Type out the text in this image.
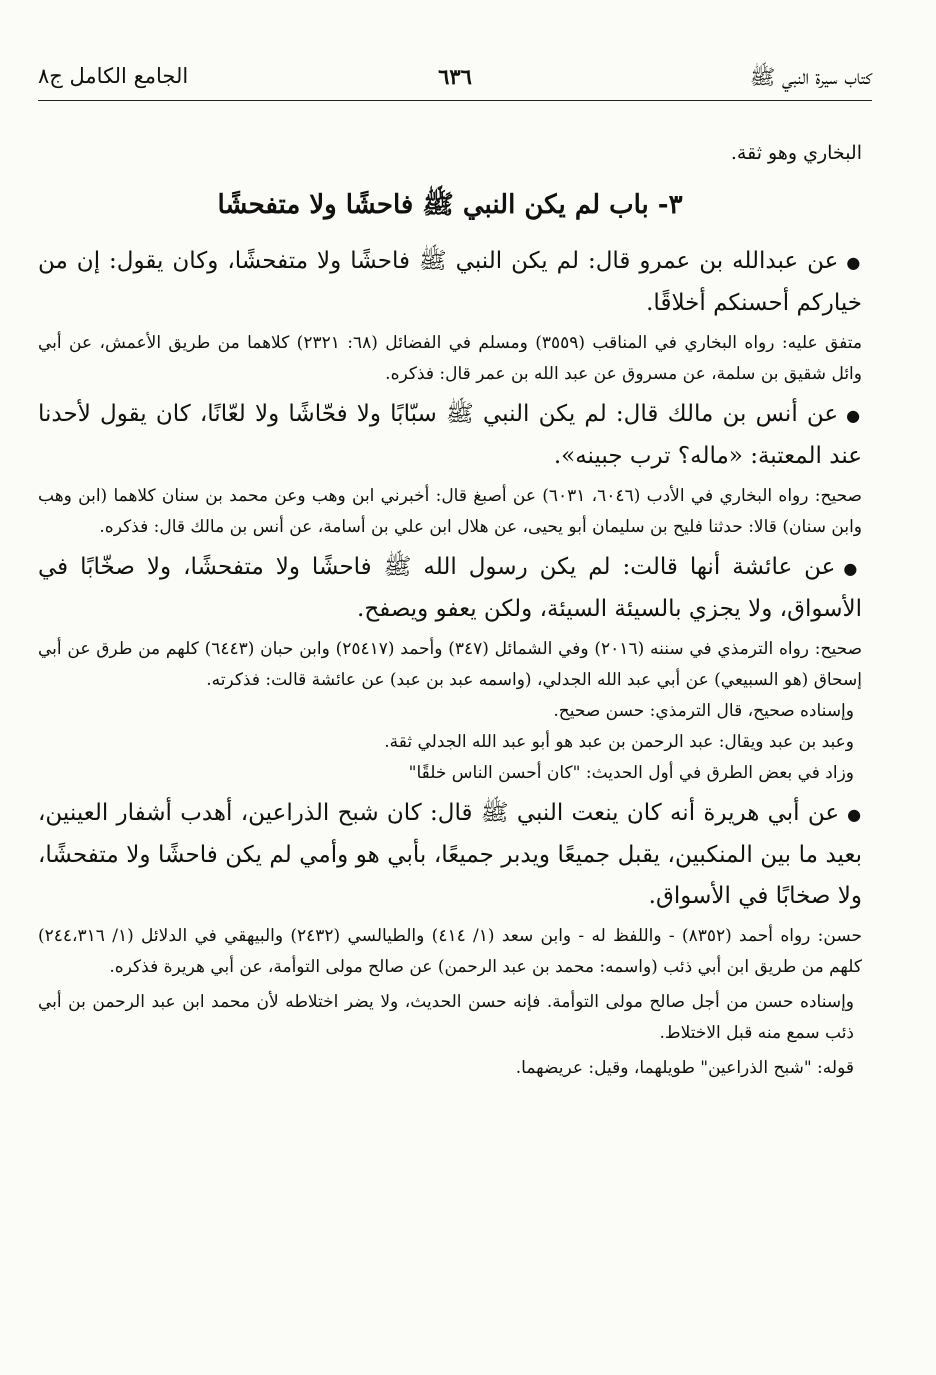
كتاب سيرة النبي ﷺ
٦٣٦
الجامع الكامل ج٨

البخاري وهو ثقة.

٣- باب لم يكن النبي ﷺ فاحشًا ولا متفحشًا

●عن عبدالله بن عمرو قال: لم يكن النبي ﷺ فاحشًا ولا متفحشًا، وكان يقول: إن من خياركم أحسنكم أخلاقًا.

متفق عليه: رواه البخاري في المناقب (٣٥٥٩) ومسلم في الفضائل (٦٨: ٢٣٢١) كلاهما من طريق الأعمش، عن أبي وائل شقيق بن سلمة، عن مسروق عن عبد الله بن عمر قال: فذكره.

●عن أنس بن مالك قال: لم يكن النبي ﷺ سبّابًا ولا فحّاشًا ولا لعّانًا، كان يقول لأحدنا عند المعتبة: «ماله؟ ترب جبينه».

صحيح: رواه البخاري في الأدب (٦٠٤٦، ٦٠٣١) عن أصبغ قال: أخبرني ابن وهب وعن محمد بن سنان كلاهما (ابن وهب وابن سنان) قالا: حدثنا فليح بن سليمان أبو يحيى، عن هلال ابن علي بن أسامة، عن أنس بن مالك قال: فذكره.

●عن عائشة أنها قالت: لم يكن رسول الله ﷺ فاحشًا ولا متفحشًا، ولا صخّابًا في الأسواق، ولا يجزي بالسيئة السيئة، ولكن يعفو ويصفح.

صحيح: رواه الترمذي في سننه (٢٠١٦) وفي الشمائل (٣٤٧) وأحمد (٢٥٤١٧) وابن حبان (٦٤٤٣) كلهم من طرق عن أبي إسحاق (هو السبيعي) عن أبي عبد الله الجدلي، (واسمه عبد بن عبد) عن عائشة قالت: فذكرته.

وإسناده صحيح، قال الترمذي: حسن صحيح.

وعبد بن عبد ويقال: عبد الرحمن بن عبد هو أبو عبد الله الجدلي ثقة.

وزاد في بعض الطرق في أول الحديث: "كان أحسن الناس خلقًا"

●عن أبي هريرة أنه كان ينعت النبي ﷺ قال: كان شبح الذراعين، أهدب أشفار العينين، بعيد ما بين المنكبين، يقبل جميعًا ويدبر جميعًا، بأبي هو وأمي لم يكن فاحشًا ولا متفحشًا، ولا صخابًا في الأسواق.

حسن: رواه أحمد (٨٣٥٢) - واللفظ له - وابن سعد (١/ ٤١٤) والطيالسي (٢٤٣٢) والبيهقي في الدلائل (١/ ٢٤٤،٣١٦) كلهم من طريق ابن أبي ذئب (واسمه: محمد بن عبد الرحمن) عن صالح مولى التوأمة، عن أبي هريرة فذكره.

وإسناده حسن من أجل صالح مولى التوأمة. فإنه حسن الحديث، ولا يضر اختلاطه لأن محمد ابن عبد الرحمن بن أبي ذئب سمع منه قبل الاختلاط.

قوله: "شبح الذراعين" طويلهما، وقيل: عريضهما.
